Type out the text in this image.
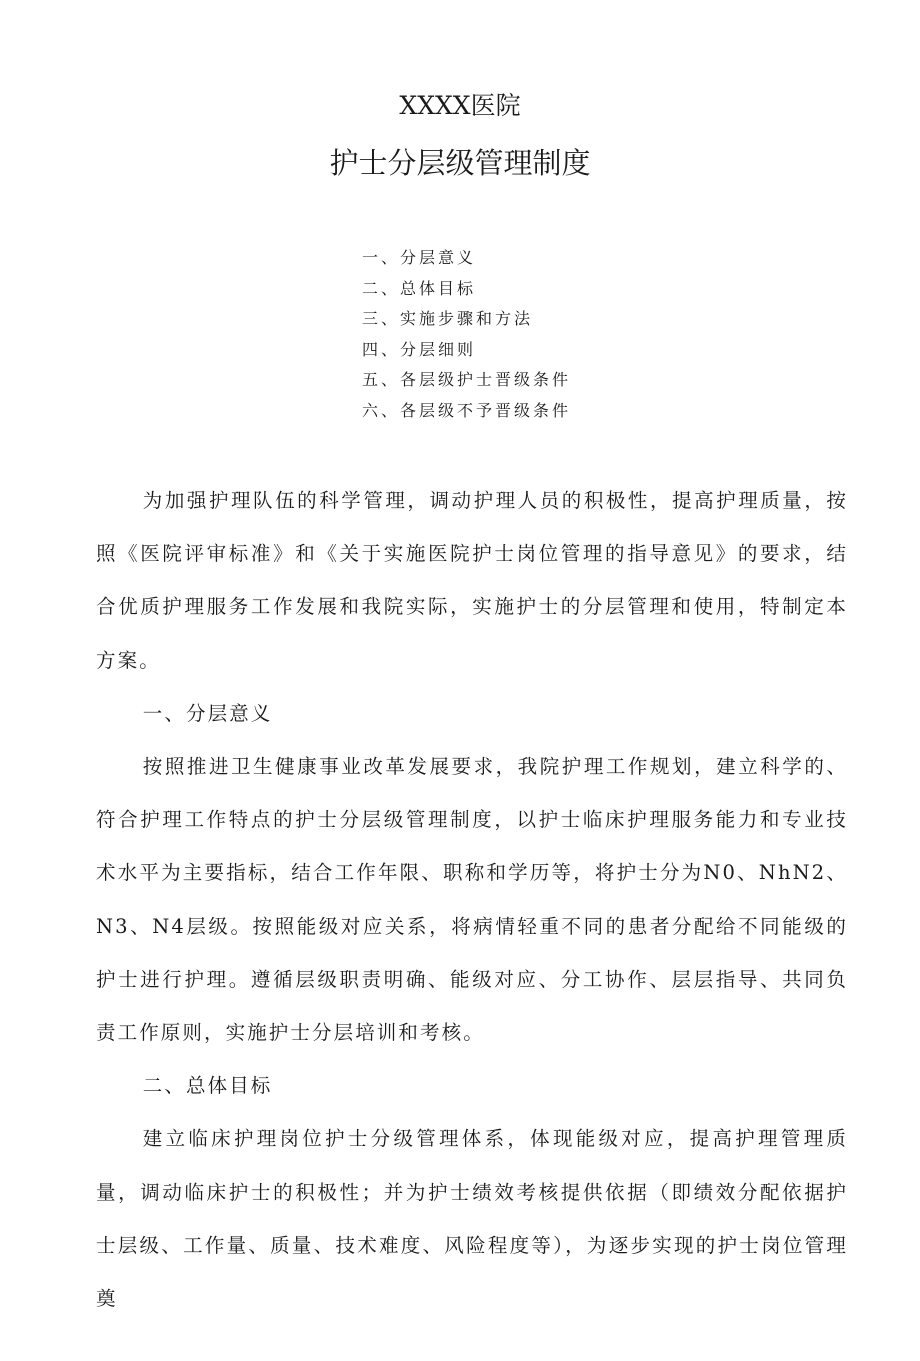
XXXX医院
护士分层级管理制度
一、分层意义
二、总体目标
三、实施步骤和方法
四、分层细则
五、各层级护士晋级条件
六、各层级不予晋级条件

为加强护理队伍的科学管理，调动护理人员的积极性，提高护理质量，按照《医院评审标准》和《关于实施医院护士岗位管理的指导意见》的要求，结合优质护理服务工作发展和我院实际，实施护士的分层管理和使用，特制定本方案。

一、分层意义

按照推进卫生健康事业改革发展要求，我院护理工作规划，建立科学的、符合护理工作特点的护士分层级管理制度，以护士临床护理服务能力和专业技术水平为主要指标，结合工作年限、职称和学历等，将护士分为N0、NhN2、N3、N4层级。按照能级对应关系，将病情轻重不同的患者分配给不同能级的护士进行护理。遵循层级职责明确、能级对应、分工协作、层层指导、共同负责工作原则，实施护士分层培训和考核。

二、总体目标

建立临床护理岗位护士分级管理体系，体现能级对应，提高护理管理质量，调动临床护士的积极性；并为护士绩效考核提供依据（即绩效分配依据护士层级、工作量、质量、技术难度、风险程度等），为逐步实现的护士岗位管理奠
